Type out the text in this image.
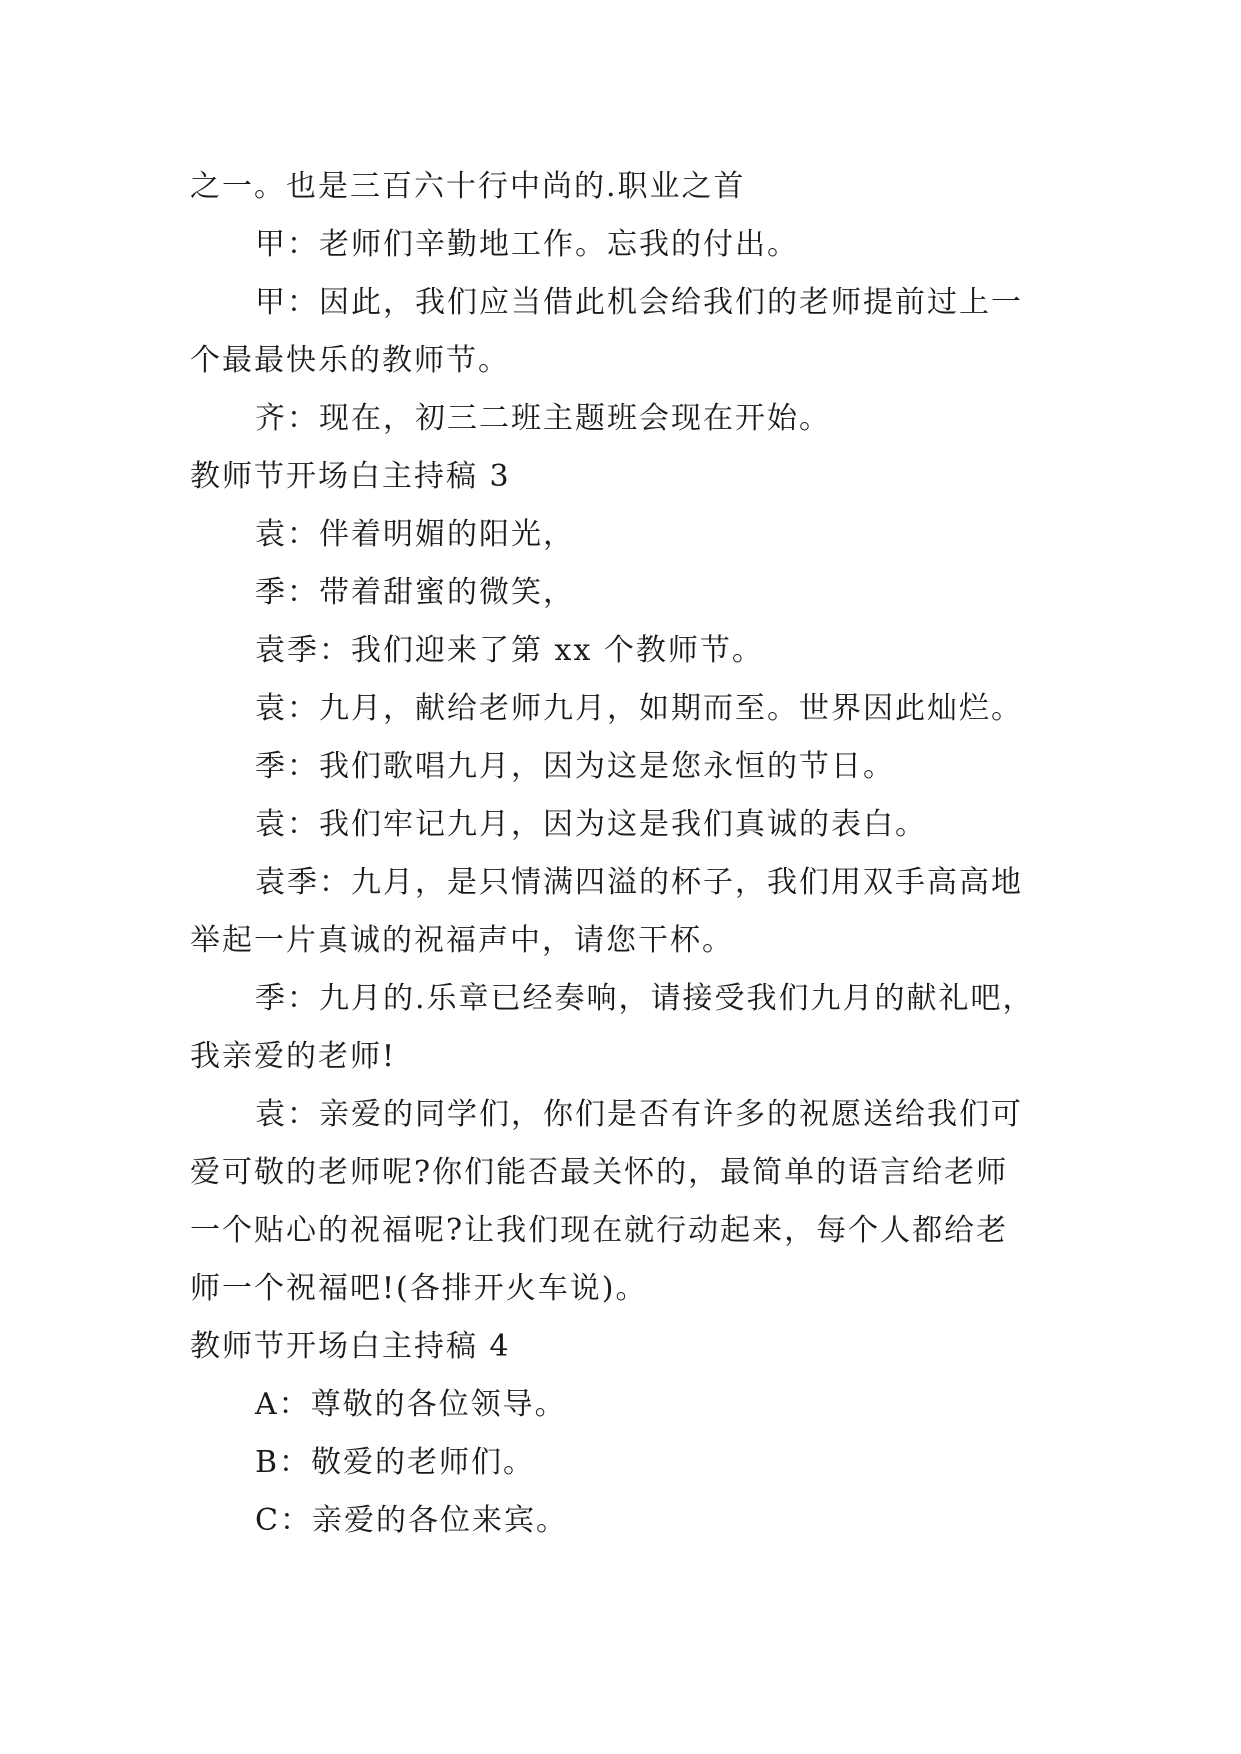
之一。也是三百六十行中尚的.职业之首
甲：老师们辛勤地工作。忘我的付出。
甲：因此，我们应当借此机会给我们的老师提前过上一
个最最快乐的教师节。
齐：现在，初三二班主题班会现在开始。
教师节开场白主持稿 3
袁：伴着明媚的阳光，
季：带着甜蜜的微笑，
袁季：我们迎来了第 xx 个教师节。
袁：九月，献给老师九月，如期而至。世界因此灿烂。
季：我们歌唱九月，因为这是您永恒的节日。
袁：我们牢记九月，因为这是我们真诚的表白。
袁季：九月，是只情满四溢的杯子，我们用双手高高地
举起一片真诚的祝福声中，请您干杯。
季：九月的.乐章已经奏响，请接受我们九月的献礼吧，
我亲爱的老师!
袁：亲爱的同学们，你们是否有许多的祝愿送给我们可
爱可敬的老师呢?你们能否最关怀的，最简单的语言给老师
一个贴心的祝福呢?让我们现在就行动起来，每个人都给老
师一个祝福吧!(各排开火车说)。
教师节开场白主持稿 4
A：尊敬的各位领导。
B：敬爱的老师们。
C：亲爱的各位来宾。
